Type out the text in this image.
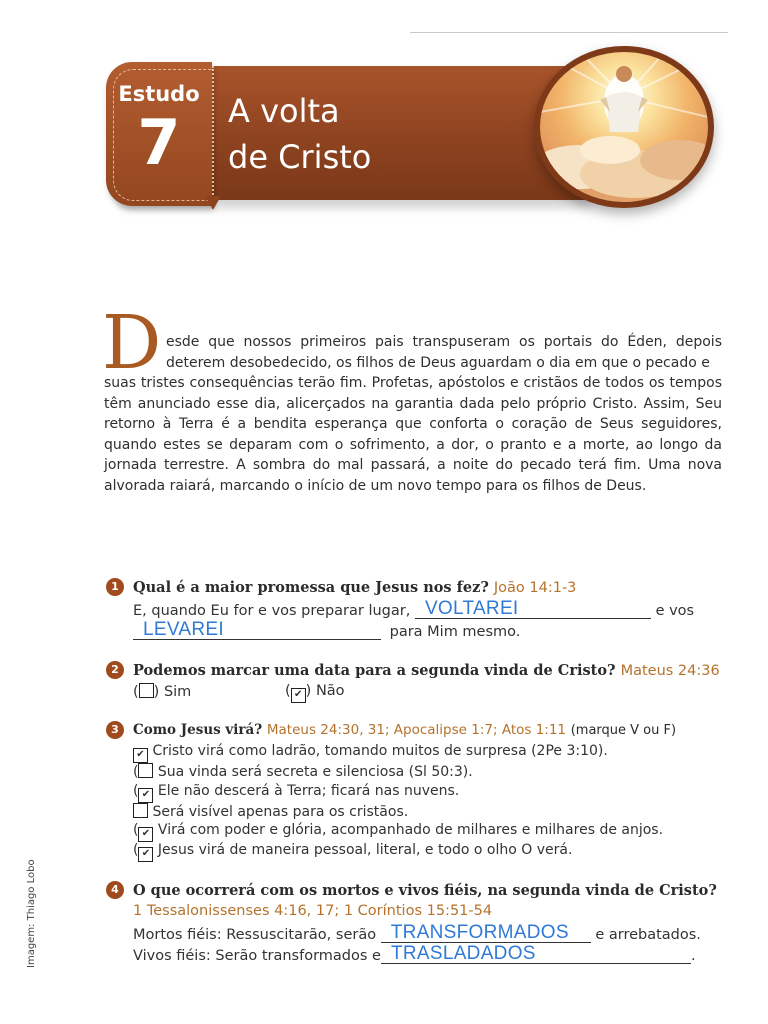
Estudo
7	A volta
de Cristo
D esde que nossos primeiros pais transpuseram os portais do Éden, depois deterem desobedecido, os filhos de Deus aguardam o dia em que o pecado e
suas tristes consequências terão fim. Profetas, apóstolos e cristãos de todos os tempos têm anunciado esse dia, alicerçados na garantia dada pelo próprio Cristo. Assim, Seu retorno à Terra é a bendita esperança que conforta o coração de Seus seguidores, quando estes se deparam com o sofrimento, a dor, o pranto e a morte, ao longo da jornada terrestre. A sombra do mal passará, a noite do pecado terá fim. Uma nova alvorada raiará, marcando o início de um novo tempo para os filhos de Deus.
1 Qual é a maior promessa que Jesus nos fez? João 14:1-3
E, quando Eu for e vos preparar lugar, VOLTAREI	e vos
LEVAREI	para Mim mesmo.
2 Podemos marcar uma data para a segunda vinda de Cristo? Mateus 24:36
( ) Sim	( ✔ ) Não
3	Como Jesus virá? Mateus 24:30, 31; Apocalipse 1:7; Atos 1:11 (marque V ou F)
✔ Cristo virá como ladrão, tomando muitos de surpresa (2Pe 3:10).
( Sua vinda será secreta e silenciosa (Sl 50:3).
( ✔ Ele não descerá à Terra; ficará nas nuvens.
Será visível apenas para os cristãos.
( ✔ Virá com poder e glória, acompanhado de milhares e milhares de anjos.
( ✔ Jesus virá de maneira pessoal, literal, e todo o olho O verá.
4 O que ocorrerá com os mortos e vivos fiéis, na segunda vinda de Cristo?
1 Tessalonissenses 4:16, 17; 1 Coríntios 15:51-54
Mortos fiéis: Ressuscitarão, serão TRANSFORMADOS e arrebatados.
Vivos fiéis: Serão transformados e TRASLADADOS	.
Imagem: Thiago Lobo
